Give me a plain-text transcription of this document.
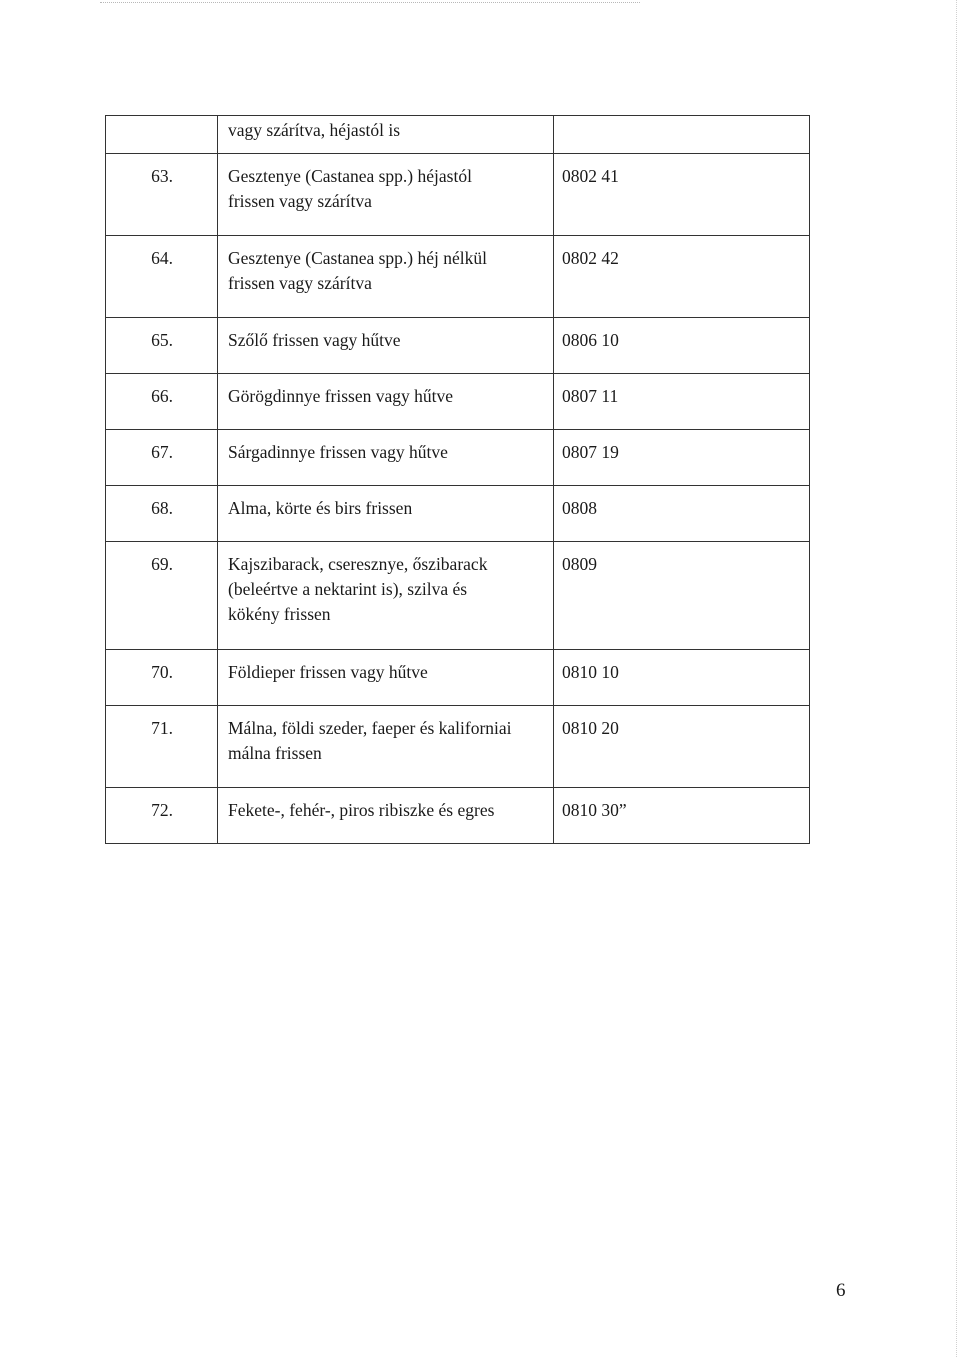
	vagy szárítva, héjastól is	

63.	Gesztenye (Castanea spp.) héjastól
frissen vagy szárítva	0802 41
64.	Gesztenye (Castanea spp.) héj nélkül
frissen vagy szárítva	0802 42
65.	Szőlő frissen vagy hűtve	0806 10
66.	Görögdinnye frissen vagy hűtve	0807 11
67.	Sárgadinnye frissen vagy hűtve	0807 19
68.	Alma, körte és birs frissen	0808
69.	Kajszibarack, cseresznye, őszibarack
(beleértve a nektarint is), szilva és
kökény frissen	0809
70.	Földieper frissen vagy hűtve	0810 10
71.	Málna, földi szeder, faeper és kaliforniai
málna frissen	0810 20
72.	Fekete-, fehér-, piros ribiszke és egres	0810 30”
6
